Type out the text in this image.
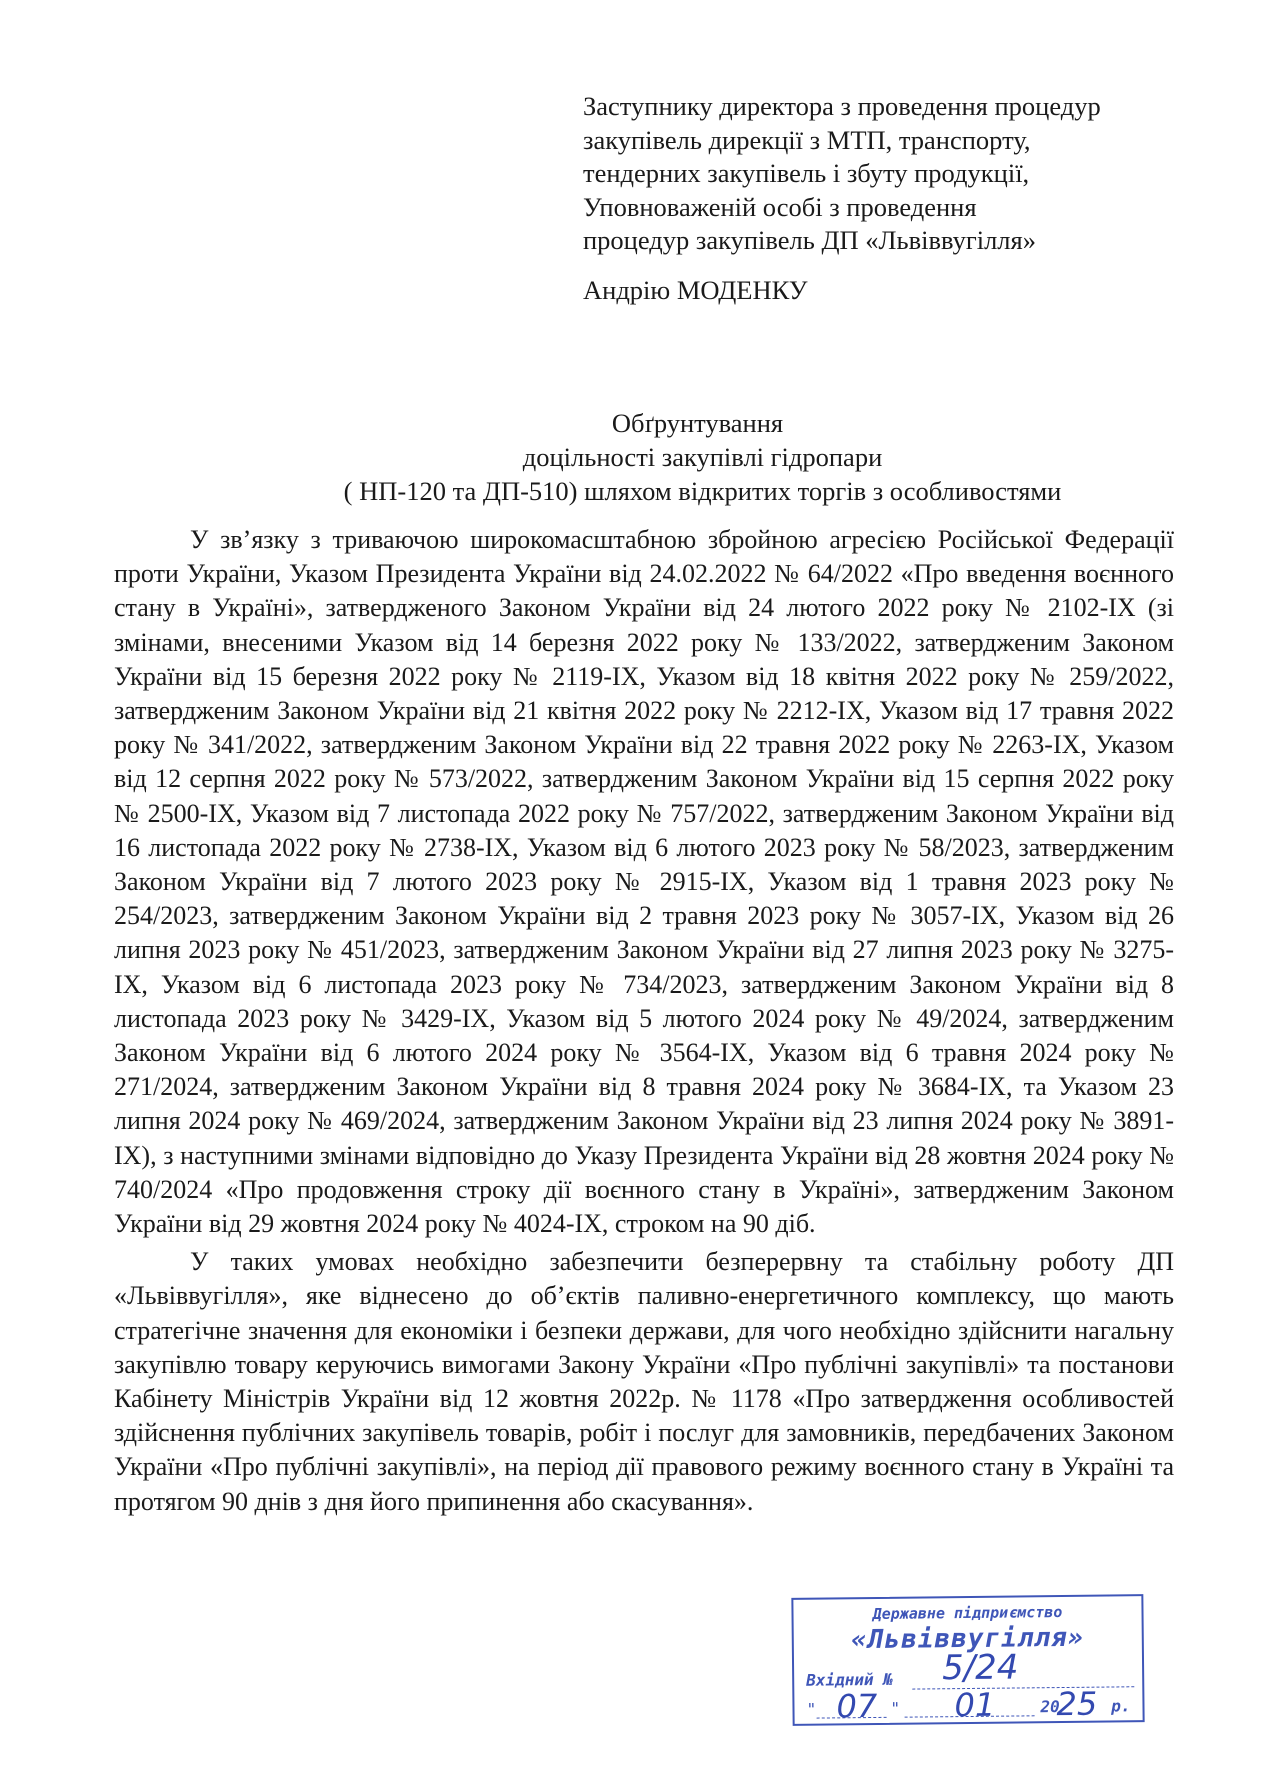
Заступнику директора з проведення процедур
закупівель дирекції з МТП, транспорту,
тендерних закупівель і збуту продукції,
Уповноваженій особі з проведення
процедур закупівель ДП «Львіввугілля»
Андрію МОДЕНКУ
Обґрунтування
доцільності закупівлі гідропари
( НП-120 та ДП-510) шляхом відкритих торгів з особливостями

У зв’язку з триваючою широкомасштабною збройною агресією Російської Федерації проти України, Указом Президента України від 24.02.2022 № 64/2022 «Про введення воєнного стану в Україні», затвердженого Законом України від 24 лютого 2022 року № 2102-IX (зі змінами, внесеними Указом від 14 березня 2022 року № 133/2022, затвердженим Законом України від 15 березня 2022 року № 2119-IX, Указом від 18 квітня 2022 року № 259/2022, затвердженим Законом України від 21 квітня 2022 року № 2212-IX, Указом від 17 травня 2022 року № 341/2022, затвердженим Законом України від 22 травня 2022 року № 2263-IX, Указом від 12 серпня 2022 року № 573/2022, затвердженим Законом України від 15 серпня 2022 року № 2500-IX, Указом від 7 листопада 2022 року № 757/2022, затвердженим Законом України від 16 листопада 2022 року № 2738-IX, Указом від 6 лютого 2023 року № 58/2023, затвердженим Законом України від 7 лютого 2023 року № 2915-IX, Указом від 1 травня 2023 року № 254/2023, затвердженим Законом України від 2 травня 2023 року № 3057-IX, Указом від 26 липня 2023 року № 451/2023, затвердженим Законом України від 27 липня 2023 року № 3275-IX, Указом від 6 листопада 2023 року № 734/2023, затвердженим Законом України від 8 листопада 2023 року № 3429-IX, Указом від 5 лютого 2024 року № 49/2024, затвердженим Законом України від 6 лютого 2024 року № 3564-IX, Указом від 6 травня 2024 року № 271/2024, затвердженим Законом України від 8 травня 2024 року № 3684-IX, та Указом 23 липня 2024 року № 469/2024, затвердженим Законом України від 23 липня 2024 року № 3891-IX), з наступними змінами відповідно до Указу Президента України від 28 жовтня 2024 року № 740/2024 «Про продовження строку дії воєнного стану в Україні», затвердженим Законом України від 29 жовтня 2024 року № 4024-IX, строком на 90 діб.

У таких умовах необхідно забезпечити безперервну та стабільну роботу ДП «Львіввугілля», яке віднесено до об’єктів паливно-енергетичного комплексу, що мають стратегічне значення для економіки і безпеки держави, для чого необхідно здійснити нагальну закупівлю товару керуючись вимогами Закону України «Про публічні закупівлі» та постанови Кабінету Міністрів України від 12 жовтня 2022р. № 1178 «Про затвердження особливостей здійснення публічних закупівель товарів, робіт і послуг для замовників, передбачених Законом України «Про публічні закупівлі», на період дії правового режиму воєнного стану в Україні та протягом 90 днів з дня його припинення або скасування».

Державне підприємство
«Львіввугілля»
Вхідний № 5/24
" 07 " 01	20
25 р.
